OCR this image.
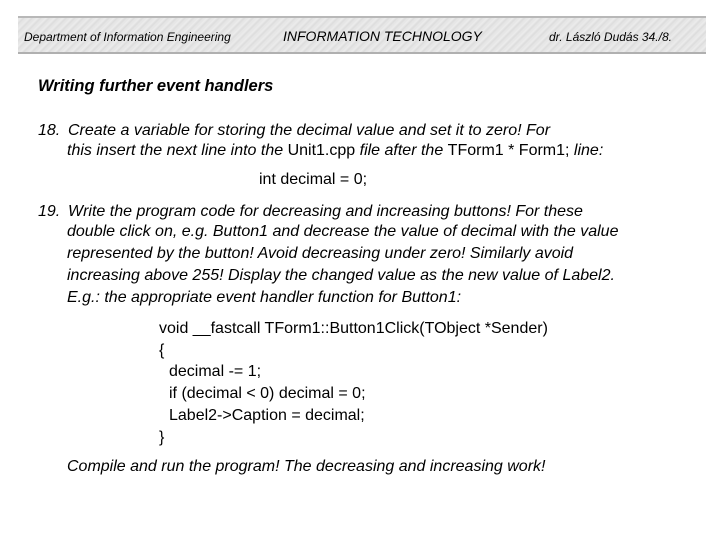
Department of Information Engineering	INFORMATION TECHNOLOGY	dr. László Dudás 34./8.
Writing further event handlers
18. Create a variable for storing the decimal value and set it to zero! For
this insert the next line into the Unit1.cpp file after the TForm1 * Form1; line:
int decimal = 0;
19. Write the program code for decreasing and increasing buttons! For these
double click on, e.g. Button1 and decrease the value of decimal with the value
represented by the button! Avoid decreasing under zero! Similarly avoid
increasing above 255! Display the changed value as the new value of Label2.
E.g.: the appropriate event handler function for Button1:
void __fastcall TForm1::Button1Click(TObject *Sender)
{
decimal -= 1;
if (decimal < 0) decimal = 0;
Label2->Caption = decimal;
}
Compile and run the program! The decreasing and increasing work!
